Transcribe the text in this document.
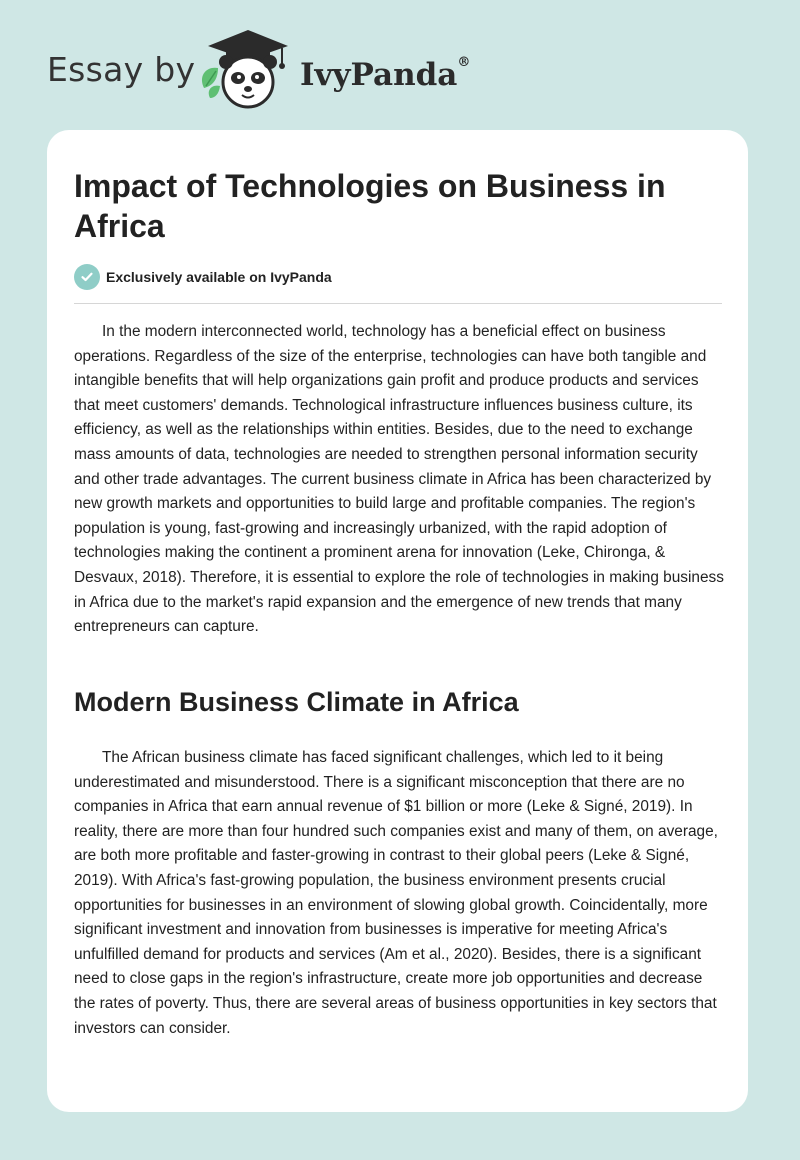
Essay by	IvyPanda®
Impact of Technologies on Business in Africa
Exclusively available on IvyPanda

In the modern interconnected world, technology has a beneficial effect on business operations. Regardless of the size of the enterprise, technologies can have both tangible and intangible benefits that will help organizations gain profit and produce products and services that meet customers' demands. Technological infrastructure influences business culture, its efficiency, as well as the relationships within entities. Besides, due to the need to exchange mass amounts of data, technologies are needed to strengthen personal information security and other trade advantages. The current business climate in Africa has been characterized by new growth markets and opportunities to build large and profitable companies. The region's population is young, fast-growing and increasingly urbanized, with the rapid adoption of technologies making the continent a prominent arena for innovation (Leke, Chironga, & Desvaux, 2018). Therefore, it is essential to explore the role of technologies in making business in Africa due to the market's rapid expansion and the emergence of new trends that many entrepreneurs can capture.

Modern Business Climate in Africa

The African business climate has faced significant challenges, which led to it being underestimated and misunderstood. There is a significant misconception that there are no companies in Africa that earn annual revenue of $1 billion or more (Leke & Signé, 2019). In reality, there are more than four hundred such companies exist and many of them, on average, are both more profitable and faster-growing in contrast to their global peers (Leke & Signé, 2019). With Africa's fast-growing population, the business environment presents crucial opportunities for businesses in an environment of slowing global growth. Coincidentally, more significant investment and innovation from businesses is imperative for meeting Africa's unfulfilled demand for products and services (Am et al., 2020). Besides, there is a significant need to close gaps in the region's infrastructure, create more job opportunities and decrease the rates of poverty. Thus, there are several areas of business opportunities in key sectors that investors can consider.
